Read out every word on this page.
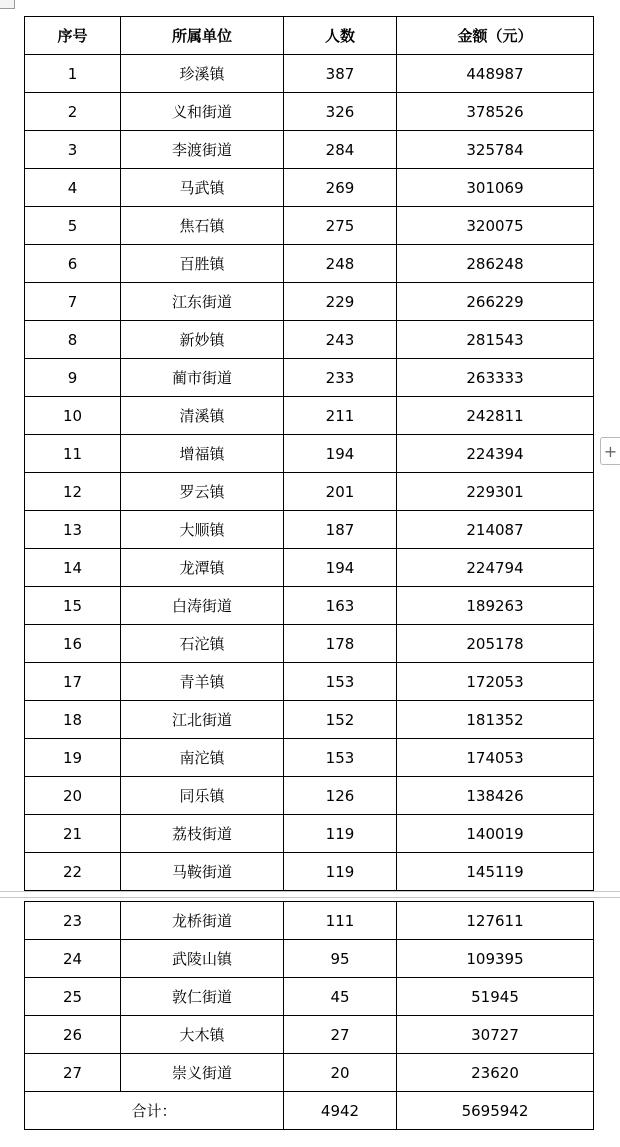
序号	所属单位	人数	金额（元）
1	珍溪镇	387	448987
2	义和街道	326	378526
3	李渡街道	284	325784
4	马武镇	269	301069
5	焦石镇	275	320075
6	百胜镇	248	286248
7	江东街道	229	266229
8	新妙镇	243	281543
9	蔺市街道	233	263333
10	清溪镇	211	242811
11	增福镇	194	224394
12	罗云镇	201	229301
13	大顺镇	187	214087
14	龙潭镇	194	224794
15	白涛街道	163	189263
16	石沱镇	178	205178
17	青羊镇	153	172053
18	江北街道	152	181352
19	南沱镇	153	174053
20	同乐镇	126	138426
21	荔枝街道	119	140019
22	马鞍街道	119	145119
23	龙桥街道	111	127611
24	武陵山镇	95	109395
25	敦仁街道	45	51945
26	大木镇	27	30727
27	崇义街道	20	23620
合计：		4942	5695942
+
